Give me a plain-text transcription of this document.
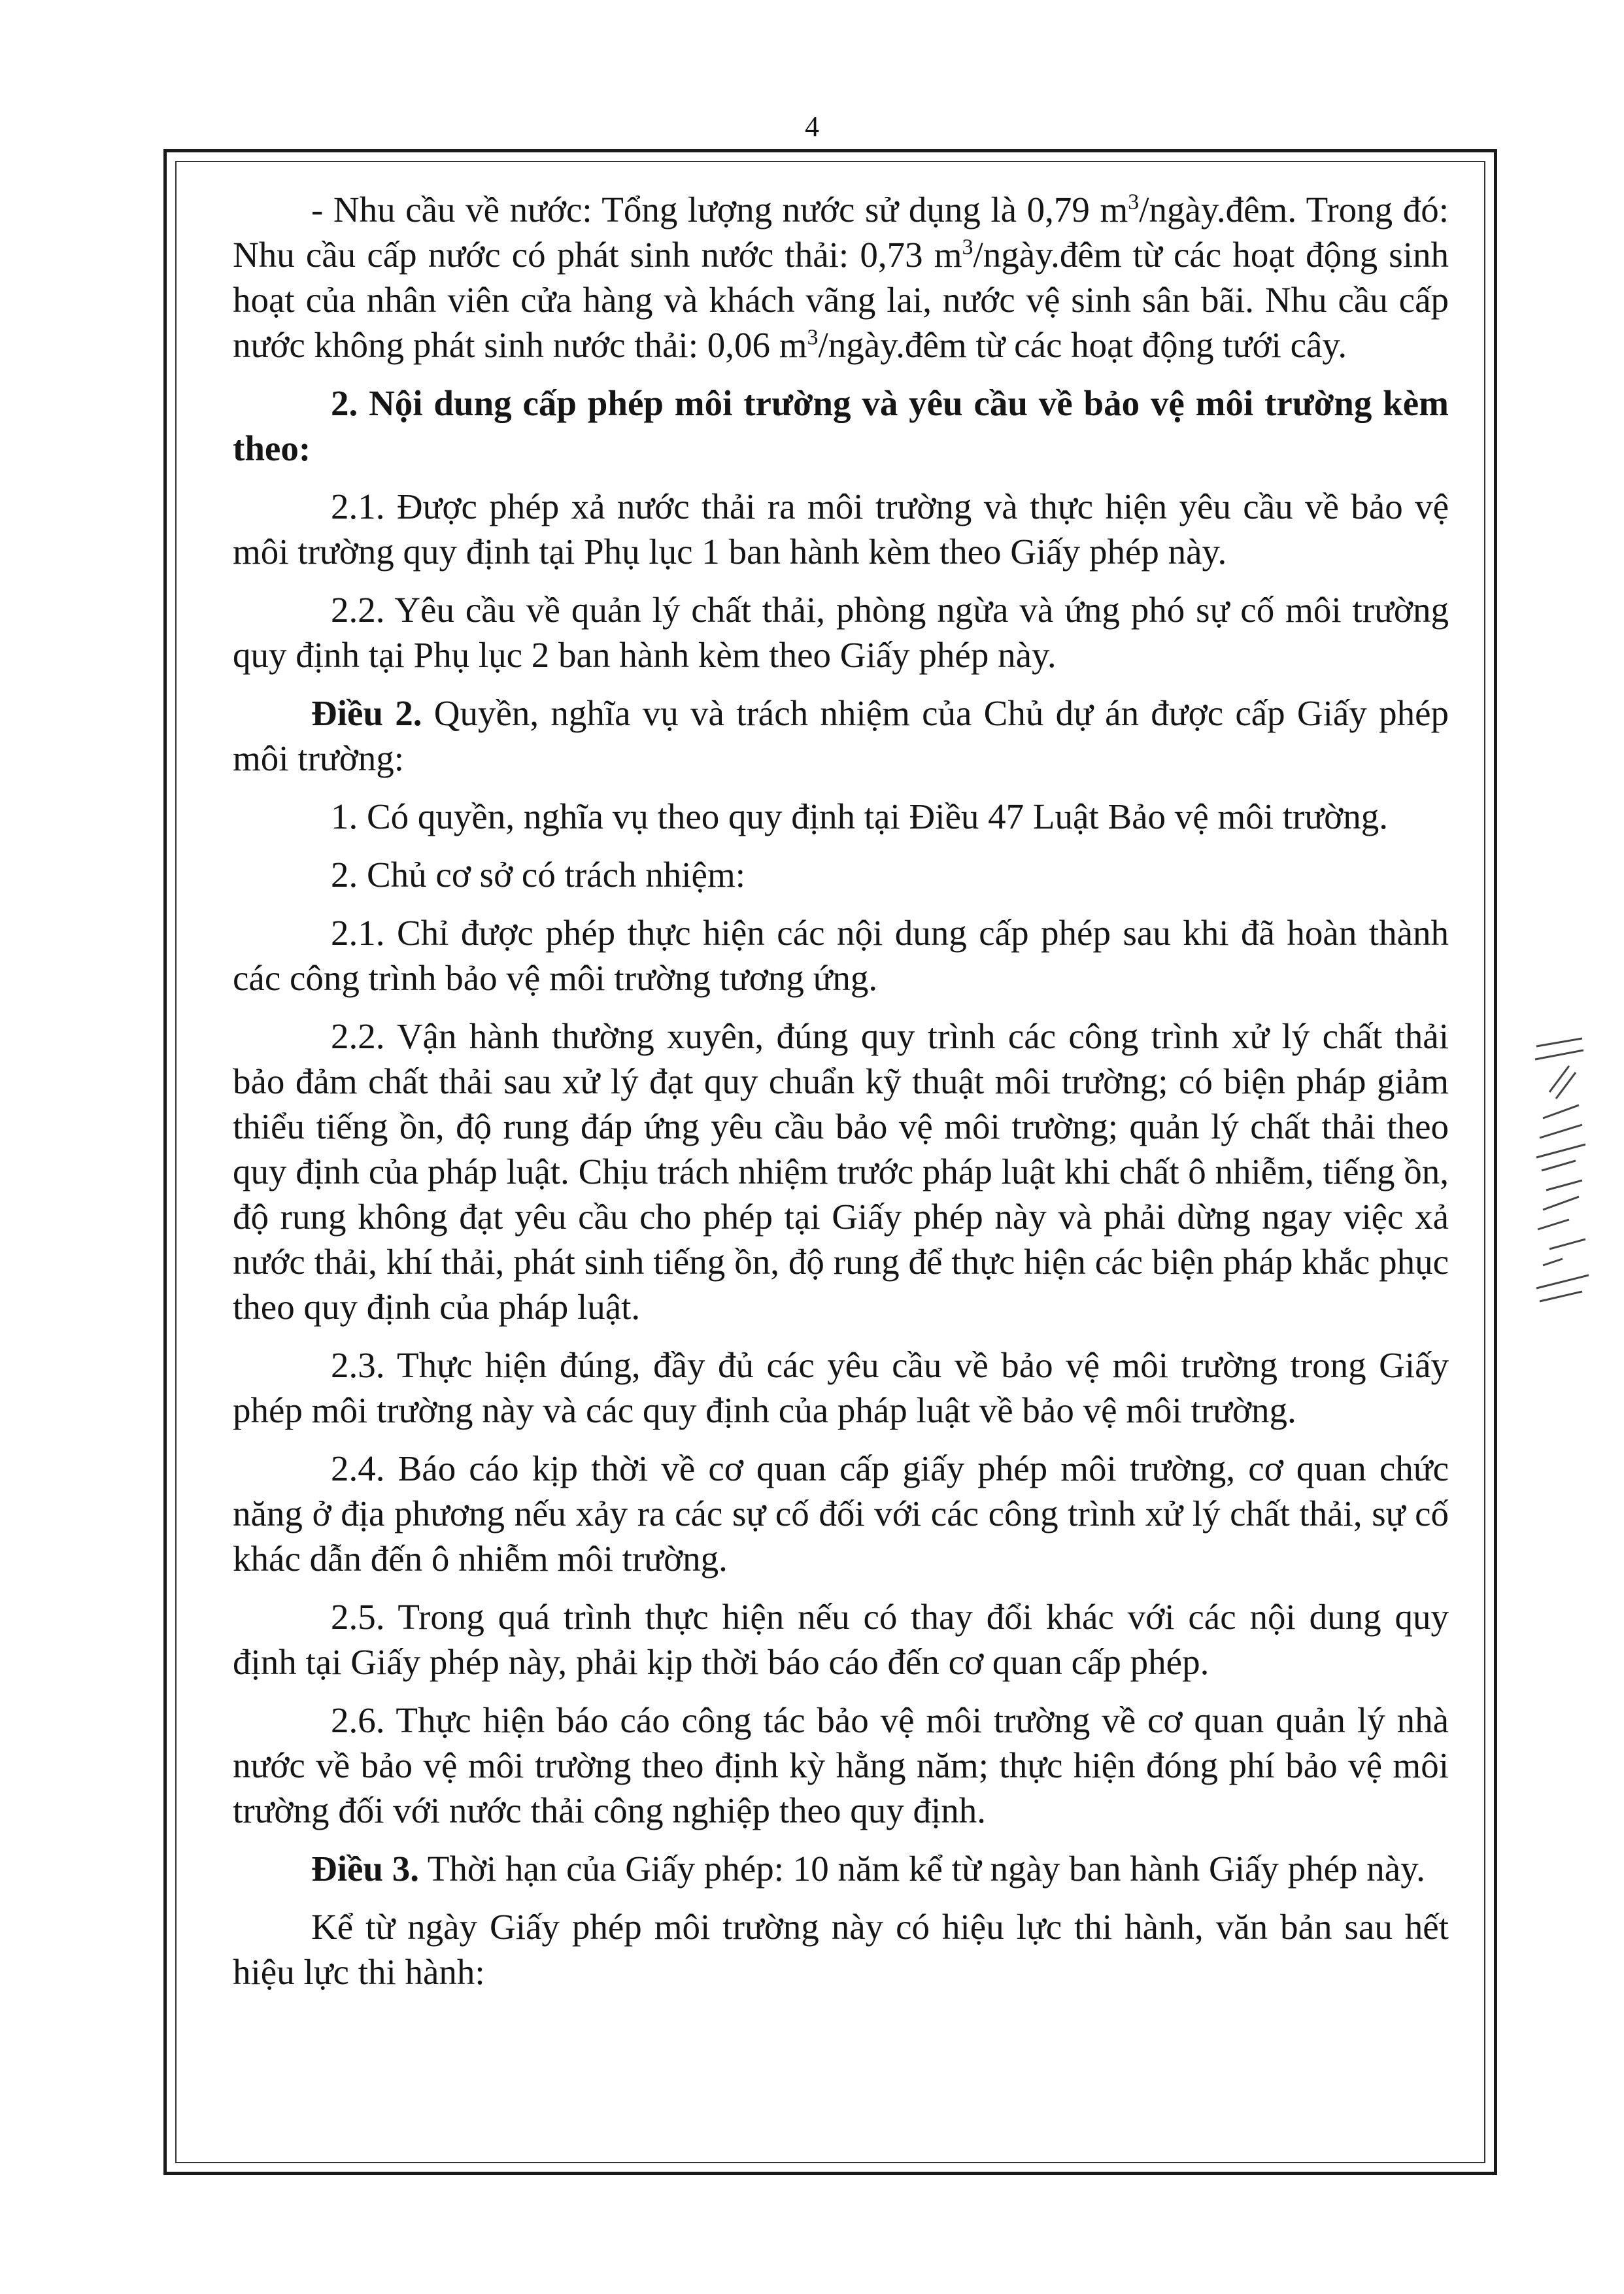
4

- Nhu cầu về nước: Tổng lượng nước sử dụng là 0,79 $m^3/ngày.đêm$. Trong đó: Nhu cầu cấp nước có phát sinh nước thải: 0,73 $m^3/ngày.đêm$ từ các hoạt động sinh hoạt của nhân viên cửa hàng và khách vãng lai, nước vệ sinh sân bãi. Nhu cầu cấp nước không phát sinh nước thải: 0,06 $m^3/ngày.đêm$ từ các hoạt động tưới cây.

2. Nội dung cấp phép môi trường và yêu cầu về bảo vệ môi trường kèm theo:

2.1. Được phép xả nước thải ra môi trường và thực hiện yêu cầu về bảo vệ môi trường quy định tại Phụ lục 1 ban hành kèm theo Giấy phép này.

2.2. Yêu cầu về quản lý chất thải, phòng ngừa và ứng phó sự cố môi trường quy định tại Phụ lục 2 ban hành kèm theo Giấy phép này.

Điều 2. Quyền, nghĩa vụ và trách nhiệm của Chủ dự án được cấp Giấy phép môi trường:

1. Có quyền, nghĩa vụ theo quy định tại Điều 47 Luật Bảo vệ môi trường.

2. Chủ cơ sở có trách nhiệm:

2.1. Chỉ được phép thực hiện các nội dung cấp phép sau khi đã hoàn thành các công trình bảo vệ môi trường tương ứng.

2.2. Vận hành thường xuyên, đúng quy trình các công trình xử lý chất thải bảo đảm chất thải sau xử lý đạt quy chuẩn kỹ thuật môi trường; có biện pháp giảm thiểu tiếng ồn, độ rung đáp ứng yêu cầu bảo vệ môi trường; quản lý chất thải theo quy định của pháp luật. Chịu trách nhiệm trước pháp luật khi chất ô nhiễm, tiếng ồn, độ rung không đạt yêu cầu cho phép tại Giấy phép này và phải dừng ngay việc xả nước thải, khí thải, phát sinh tiếng ồn, độ rung để thực hiện các biện pháp khắc phục theo quy định của pháp luật.

2.3. Thực hiện đúng, đầy đủ các yêu cầu về bảo vệ môi trường trong Giấy phép môi trường này và các quy định của pháp luật về bảo vệ môi trường.

2.4. Báo cáo kịp thời về cơ quan cấp giấy phép môi trường, cơ quan chức năng ở địa phương nếu xảy ra các sự cố đối với các công trình xử lý chất thải, sự cố khác dẫn đến ô nhiễm môi trường.

2.5. Trong quá trình thực hiện nếu có thay đổi khác với các nội dung quy định tại Giấy phép này, phải kịp thời báo cáo đến cơ quan cấp phép.

2.6. Thực hiện báo cáo công tác bảo vệ môi trường về cơ quan quản lý nhà nước về bảo vệ môi trường theo định kỳ hằng năm; thực hiện đóng phí bảo vệ môi trường đối với nước thải công nghiệp theo quy định.

Điều 3. Thời hạn của Giấy phép: 10 năm kể từ ngày ban hành Giấy phép này.

Kể từ ngày Giấy phép môi trường này có hiệu lực thi hành, văn bản sau hết hiệu lực thi hành:
